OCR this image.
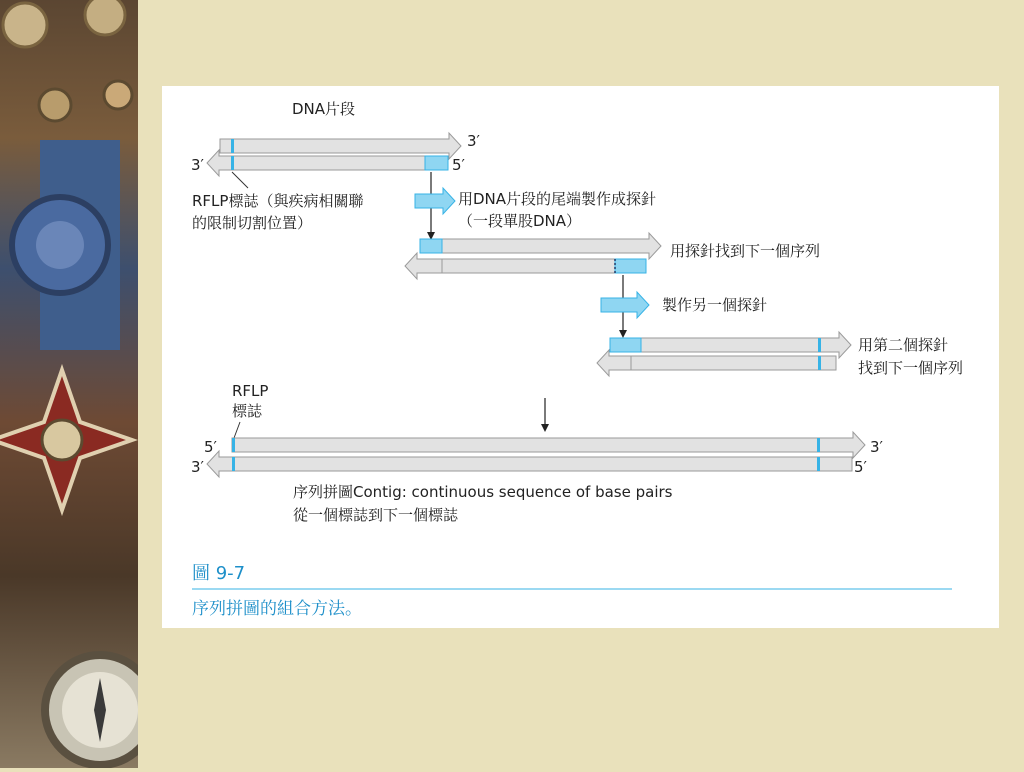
DNA片段
3′
3′	5′
RFLP標誌（與疾病相關聯
的限制切割位置）
用DNA片段的尾端製作成探針
（一段單股DNA）
用探針找到下一個序列
製作另一個探針
用第二個探針
找到下一個序列
RFLP
標誌
5′	3′
3′	5′
序列拼圖Contig: continuous sequence of base pairs
從一個標誌到下一個標誌
圖 9-7
序列拼圖的組合方法。
